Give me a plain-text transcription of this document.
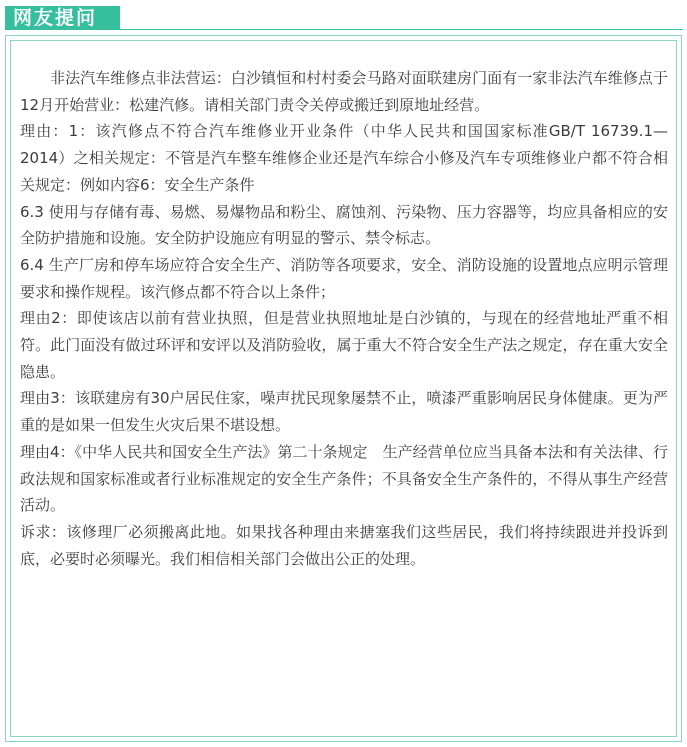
网友提问

非法汽车维修点非法营运：白沙镇恒和村村委会马路对面联建房门面有一家非法汽车维修点于12月开始营业：松建汽修。请相关部门责令关停或搬迁到原地址经营。

理由：1：该汽修点不符合汽车维修业开业条件（中华人民共和国国家标准GB/T 16739.1—2014）之相关规定：不管是汽车整车维修企业还是汽车综合小修及汽车专项维修业户都不符合相关规定：例如内容6：安全生产条件

6.3 使用与存储有毒、易燃、易爆物品和粉尘、腐蚀剂、污染物、压力容器等，均应具备相应的安全防护措施和设施。安全防护设施应有明显的警示、禁令标志。

6.4 生产厂房和停车场应符合安全生产、消防等各项要求，安全、消防设施的设置地点应明示管理要求和操作规程。该汽修点都不符合以上条件；

理由2：即使该店以前有营业执照，但是营业执照地址是白沙镇的，与现在的经营地址严重不相符。此门面没有做过环评和安评以及消防验收，属于重大不符合安全生产法之规定，存在重大安全隐患。

理由3：该联建房有30户居民住家，噪声扰民现象屡禁不止，喷漆严重影响居民身体健康。更为严重的是如果一但发生火灾后果不堪设想。

理由4：《中华人民共和国安全生产法》第二十条规定　生产经营单位应当具备本法和有关法律、行政法规和国家标准或者行业标准规定的安全生产条件；不具备安全生产条件的，不得从事生产经营活动。

诉求：该修理厂必须搬离此地。如果找各种理由来搪塞我们这些居民，我们将持续跟进并投诉到底，必要时必须曝光。我们相信相关部门会做出公正的处理。
